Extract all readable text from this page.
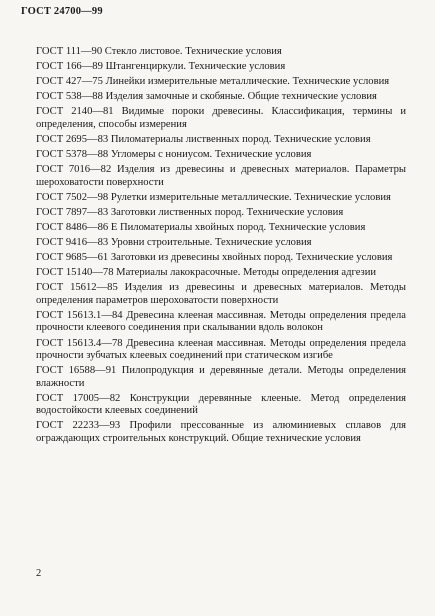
ГОСТ 24700—99

ГОСТ 111—90 Стекло листовое. Технические условия

ГОСТ 166—89 Штангенциркули. Технические условия

ГОСТ 427—75 Линейки измерительные металлические. Технические условия

ГОСТ 538—88 Изделия замочные и скобяные. Общие технические условия

ГОСТ 2140—81 Видимые пороки древесины. Классификация, термины и определения, способы измерения

ГОСТ 2695—83 Пиломатериалы лиственных пород. Технические условия

ГОСТ 5378—88 Угломеры с нониусом. Технические условия

ГОСТ 7016—82 Изделия из древесины и древесных материалов. Параметры шероховатости поверхности

ГОСТ 7502—98 Рулетки измерительные металлические. Технические условия

ГОСТ 7897—83 Заготовки лиственных пород. Технические условия

ГОСТ 8486—86 Е Пиломатериалы хвойных пород. Технические условия

ГОСТ 9416—83 Уровни строительные. Технические условия

ГОСТ 9685—61 Заготовки из древесины хвойных пород. Технические условия

ГОСТ 15140—78 Материалы лакокрасочные. Методы определения адгезии

ГОСТ 15612—85 Изделия из древесины и древесных материалов. Методы определения параметров шероховатости поверхности

ГОСТ 15613.1—84 Древесина клееная массивная. Методы определения предела прочности клеевого соединения при скалывании вдоль волокон

ГОСТ 15613.4—78 Древесина клееная массивная. Методы определения предела прочности зубчатых клеевых соединений при статическом изгибе

ГОСТ 16588—91 Пилопродукция и деревянные детали. Методы определения влажности

ГОСТ 17005—82 Конструкции деревянные клееные. Метод определения водостойкости клеевых соединений

ГОСТ 22233—93 Профили прессованные из алюминиевых сплавов для ограждающих строительных конструкций. Общие технические условия

2
